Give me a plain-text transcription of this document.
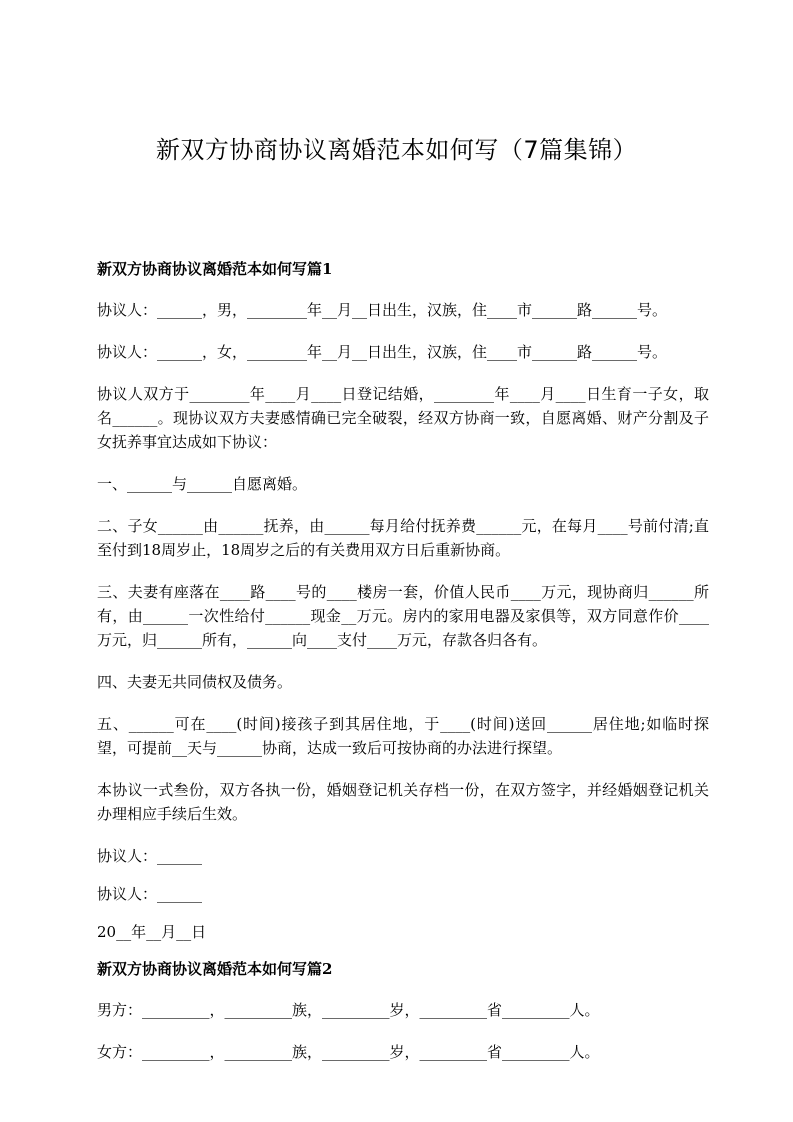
新双方协商协议离婚范本如何写（7篇集锦）
新双方协商协议离婚范本如何写篇1

协议人：______，男，________年__月__日出生，汉族，住____市______路______号。

协议人：______，女，________年__月__日出生，汉族，住____市______路______号。

协议人双方于________年____月____日登记结婚，________年____月____日生育一子女，取名______。现协议双方夫妻感情确已完全破裂，经双方协商一致，自愿离婚、财产分割及子女抚养事宜达成如下协议：

一、______与______自愿离婚。

二、子女______由______抚养，由______每月给付抚养费______元，在每月____号前付清;直至付到18周岁止，18周岁之后的有关费用双方日后重新协商。

三、夫妻有座落在____路____号的____楼房一套，价值人民币____万元，现协商归______所有，由______一次性给付______现金__万元。房内的家用电器及家俱等，双方同意作价____万元，归______所有，______向____支付____万元，存款各归各有。

四、夫妻无共同债权及债务。

五、______可在____(时间)接孩子到其居住地，于____(时间)送回______居住地;如临时探望，可提前__天与______协商，达成一致后可按协商的办法进行探望。

本协议一式叁份，双方各执一份，婚姻登记机关存档一份，在双方签字，并经婚姻登记机关办理相应手续后生效。

协议人：______

协议人：______

20__年__月__日

新双方协商协议离婚范本如何写篇2

男方：_________，_________族，_________岁，_________省_________人。

女方：_________，_________族，_________岁，_________省_________人。
